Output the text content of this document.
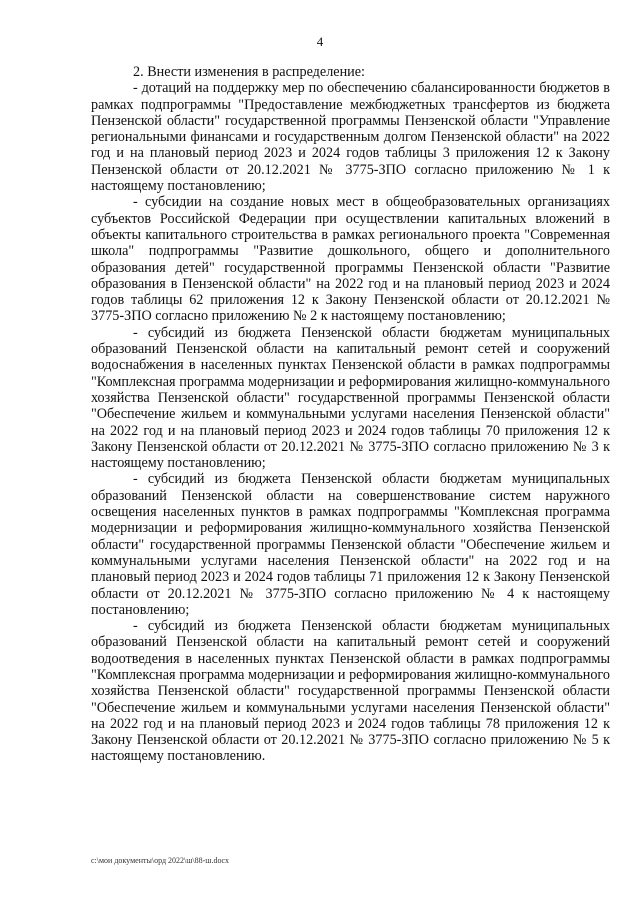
4

2. Внести изменения в распределение:

- дотаций на поддержку мер по обеспечению сбалансированности бюджетов в рамках подпрограммы "Предоставление межбюджетных трансфертов из бюджета Пензенской области" государственной программы Пензенской области "Управление региональными финансами и государственным долгом Пензенской области" на 2022 год и на плановый период 2023 и 2024 годов таблицы 3 приложения 12 к Закону Пензенской области от 20.12.2021 № 3775-ЗПО согласно приложению № 1 к настоящему постановлению;

- субсидии на создание новых мест в общеобразовательных организациях субъектов Российской Федерации при осуществлении капитальных вложений в объекты капитального строительства в рамках регионального проекта "Современная школа" подпрограммы "Развитие дошкольного, общего и дополнительного образования детей" государственной программы Пензенской области "Развитие образования в Пензенской области" на 2022 год и на плановый период 2023 и 2024 годов таблицы 62 приложения 12 к Закону Пензенской области от 20.12.2021 № 3775-ЗПО согласно приложению № 2 к настоящему постановлению;

- субсидий из бюджета Пензенской области бюджетам муниципальных образований Пензенской области на капитальный ремонт сетей и сооружений водоснабжения в населенных пунктах Пензенской области в рамках подпрограммы "Комплексная программа модернизации и реформирования жилищно-коммунального хозяйства Пензенской области" государственной программы Пензенской области "Обеспечение жильем и коммунальными услугами населения Пензенской области" на 2022 год и на плановый период 2023 и 2024 годов таблицы 70 приложения 12 к Закону Пензенской области от 20.12.2021 № 3775-ЗПО согласно приложению № 3 к настоящему постановлению;

- субсидий из бюджета Пензенской области бюджетам муниципальных образований Пензенской области на совершенствование систем наружного освещения населенных пунктов в рамках подпрограммы "Комплексная программа модернизации и реформирования жилищно-коммунального хозяйства Пензенской области" государственной программы Пензенской области "Обеспечение жильем и коммунальными услугами населения Пензенской области" на 2022 год и на плановый период 2023 и 2024 годов таблицы 71 приложения 12 к Закону Пензенской области от 20.12.2021 № 3775-ЗПО согласно приложению № 4 к настоящему постановлению;

- субсидий из бюджета Пензенской области бюджетам муниципальных образований Пензенской области на капитальный ремонт сетей и сооружений водоотведения в населенных пунктах Пензенской области в рамках подпрограммы "Комплексная программа модернизации и реформирования жилищно-коммунального хозяйства Пензенской области" государственной программы Пензенской области "Обеспечение жильем и коммунальными услугами населения Пензенской области" на 2022 год и на плановый период 2023 и 2024 годов таблицы 78 приложения 12 к Закону Пензенской области от 20.12.2021 № 3775-ЗПО согласно приложению № 5 к настоящему постановлению.

c:\мои документы\орд 2022\ш\88-ш.docx
